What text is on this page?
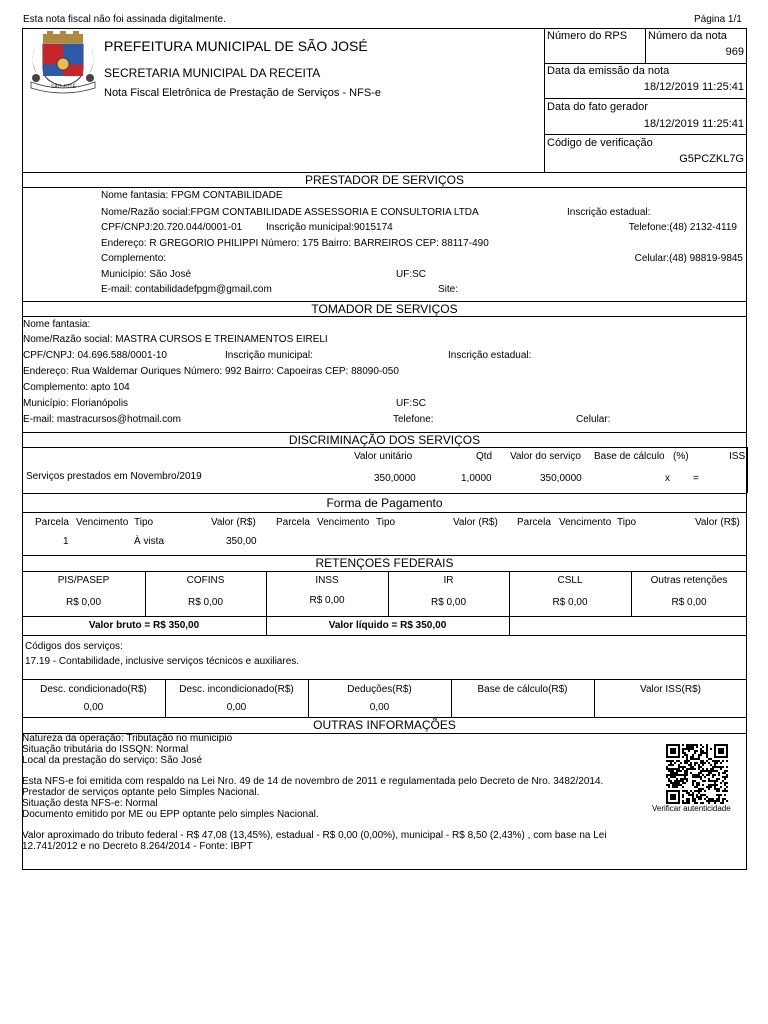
Esta nota fiscal não foi assinada digitalmente.	Página 1/1
SÃO JOSÉ
PREFEITURA MUNICIPAL DE SÃO JOSÉ
SECRETARIA MUNICIPAL DA RECEITA
Nota Fiscal Eletrônica de Prestação de Serviços - NFS-e
Número do RPS Número da nota
969
Data da emissão da nota
18/12/2019 11:25:41
Data do fato gerador
18/12/2019 11:25:41
Código de verificação
G5PCZKL7G
PRESTADOR DE SERVIÇOS
Nome fantasia: FPGM CONTABILIDADE
Nome/Razão social:FPGM CONTABILIDADE ASSESSORIA E CONSULTORIA LTDA	Inscrição estadual:
CPF/CNPJ:20.720.044/0001-01 Inscrição municipal:9015174	Telefone:(48) 2132-4119
Endereço: R GREGORIO PHILIPPI Número: 175 Bairro: BARREIROS CEP: 88117-490
Complemento:	Celular:(48) 98819-9845
Município: São José	UF:SC
E-mail: contabilidadefpgm@gmail.com	Site:
TOMADOR DE SERVIÇOS
Nome fantasia:
Nome/Razão social: MASTRA CURSOS E TREINAMENTOS EIRELI
CPF/CNPJ: 04.696.588/0001-10	Inscrição municipal:	Inscrição estadual:
Endereço: Rua Waldemar Ouriques Número: 992 Bairro: Capoeiras CEP: 88090-050
Complemento: apto 104
Município: Florianópolis	UF:SC
E-mail: mastracursos@hotmail.com	Telefone:	Celular:
DISCRIMINAÇÃO DOS SERVIÇOS
Valor unitário	Qtd Valor do serviço Base de cálculo (%)	ISS
Serviços prestados em Novembro/2019	350,0000	1,0000	350,0000	x =
Forma de Pagamento
Parcela Vencimento Tipo	Valor (R$) Parcela Vencimento Tipo	Valor (R$) Parcela Vencimento Tipo	Valor (R$)
1	À vista	350,00
RETENÇOES FEDERAIS
PIS/PASEP	COFINS	INSS	IR	CSLL	Outras retenções
R$ 0,00	R$ 0,00	R$ 0,00	R$ 0,00	R$ 0,00	R$ 0,00
Valor bruto = R$ 350,00	Valor líquido = R$ 350,00
Códigos dos serviços:
17.19 - Contabilidade, inclusive serviços técnicos e auxiliares.
Desc. condicionado(R$)	Desc. incondicionado(R$)	Deduções(R$)	Base de cálculo(R$)	Valor ISS(R$)
0,00	0,00	0,00
OUTRAS INFORMAÇÕES
Natureza da operação: Tributação no municipio
Situação tributária do ISSQN: Normal
Local da prestação do serviço: São José
Esta NFS-e foi emitida com respaldo na Lei Nro. 49 de 14 de novembro de 2011 e regulamentada pelo Decreto de Nro. 3482/2014.
Prestador de serviços optante pelo Simples Nacional.
Situação desta NFS-e: Normal
Documento emitido por ME ou EPP optante pelo simples Nacional.
Valor aproximado do tributo federal - R$ 47,08 (13,45%), estadual - R$ 0,00 (0,00%), municipal - R$ 8,50 (2,43%) , com base na Lei
12.741/2012 e no Decreto 8.264/2014 - Fonte: IBPT
Verificar autenticidade
